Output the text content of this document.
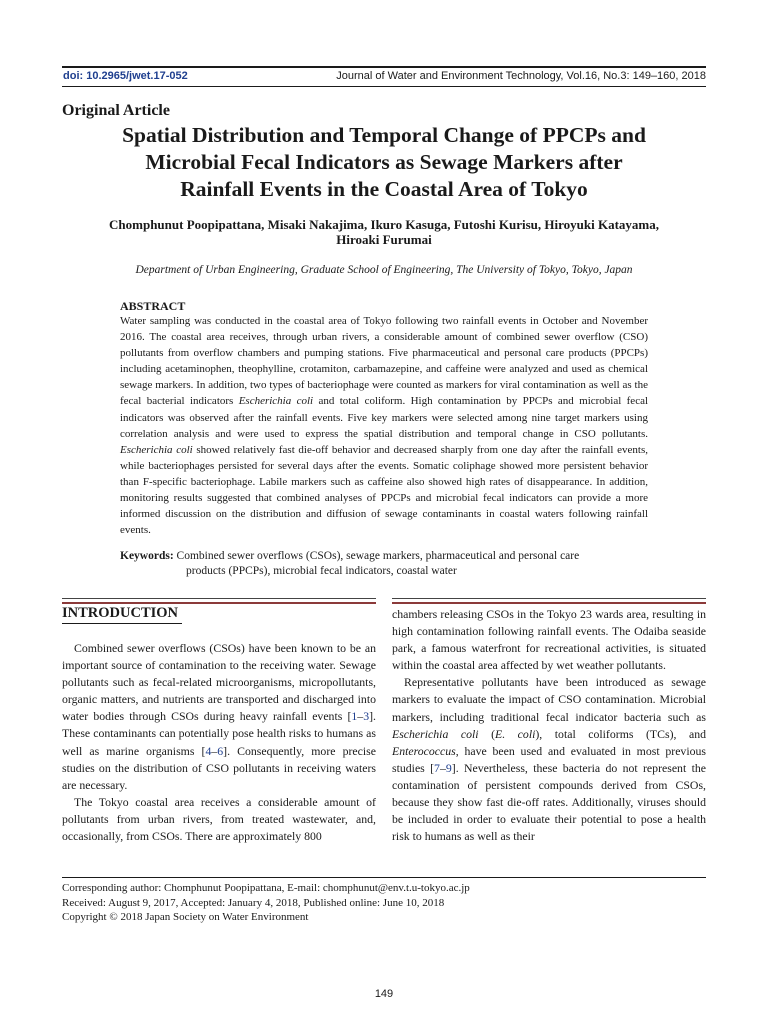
doi: 10.2965/jwet.17-052	Journal of Water and Environment Technology, Vol.16, No.3: 149–160, 2018
Original Article
Spatial Distribution and Temporal Change of PPCPs and
Microbial Fecal Indicators as Sewage Markers after
Rainfall Events in the Coastal Area of Tokyo
Chomphunut Poopipattana, Misaki Nakajima, Ikuro Kasuga, Futoshi Kurisu, Hiroyuki Katayama,
Hiroaki Furumai
Department of Urban Engineering, Graduate School of Engineering, The University of Tokyo, Tokyo, Japan
ABSTRACT

Water sampling was conducted in the coastal area of Tokyo following two rainfall events in October and November 2016. The coastal area receives, through urban rivers, a considerable amount of combined sewer overflow (CSO) pollutants from overflow chambers and pumping stations. Five pharmaceutical and personal care products (PPCPs) including acetaminophen, theophylline, crotamiton, carbamazepine, and caffeine were analyzed and used as chemical sewage markers. In addition, two types of bacteriophage were counted as markers for viral contamination as well as the fecal bacterial indicators Escherichia coli and total coliform. High contamination by PPCPs and microbial fecal indicators was observed after the rainfall events. Five key markers were selected among nine target markers using correlation analysis and were used to express the spatial distribution and temporal change in CSO pollutants. Escherichia coli showed relatively fast die-off behavior and decreased sharply from one day after the rainfall events, while bacteriophages persisted for several days after the events. Somatic coliphage showed more persistent behavior than F-specific bacteriophage. Labile markers such as caffeine also showed high rates of disappearance. In addition, monitoring results suggested that combined analyses of PPCPs and microbial fecal indicators can provide a more informed discussion on the distribution and diffusion of sewage contaminants in coastal waters following rainfall events.

Keywords: Combined sewer overflows (CSOs), sewage markers, pharmaceutical and personal care
products (PPCPs), microbial fecal indicators, coastal water
INTRODUCTION

Combined sewer overflows (CSOs) have been known to be an important source of contamination to the receiving water. Sewage pollutants such as fecal-related microorganisms, micropollutants, organic matters, and nutrients are transported and discharged into water bodies through CSOs during heavy rainfall events [1–3]. These contaminants can potentially pose health risks to humans as well as marine organisms [4–6]. Consequently, more precise studies on the distribution of CSO pollutants in receiving waters are necessary.

The Tokyo coastal area receives a considerable amount of pollutants from urban rivers, from treated wastewater, and, occasionally, from CSOs. There are approximately 800

chambers releasing CSOs in the Tokyo 23 wards area, resulting in high contamination following rainfall events. The Odaiba seaside park, a famous waterfront for recreational activities, is situated within the coastal area affected by wet weather pollutants.

Representative pollutants have been introduced as sewage markers to evaluate the impact of CSO contamination. Microbial markers, including traditional fecal indicator bacteria such as Escherichia coli (E. coli), total coliforms (TCs), and Enterococcus, have been used and evaluated in most previous studies [7–9]. Nevertheless, these bacteria do not represent the contamination of persistent compounds derived from CSOs, because they show fast die-off rates. Additionally, viruses should be included in order to evaluate their potential to pose a health risk to humans as well as their

Corresponding author: Chomphunut Poopipattana, E-mail: chomphunut@env.t.u-tokyo.ac.jp
Received: August 9, 2017, Accepted: January 4, 2018, Published online: June 10, 2018
Copyright © 2018 Japan Society on Water Environment
149
